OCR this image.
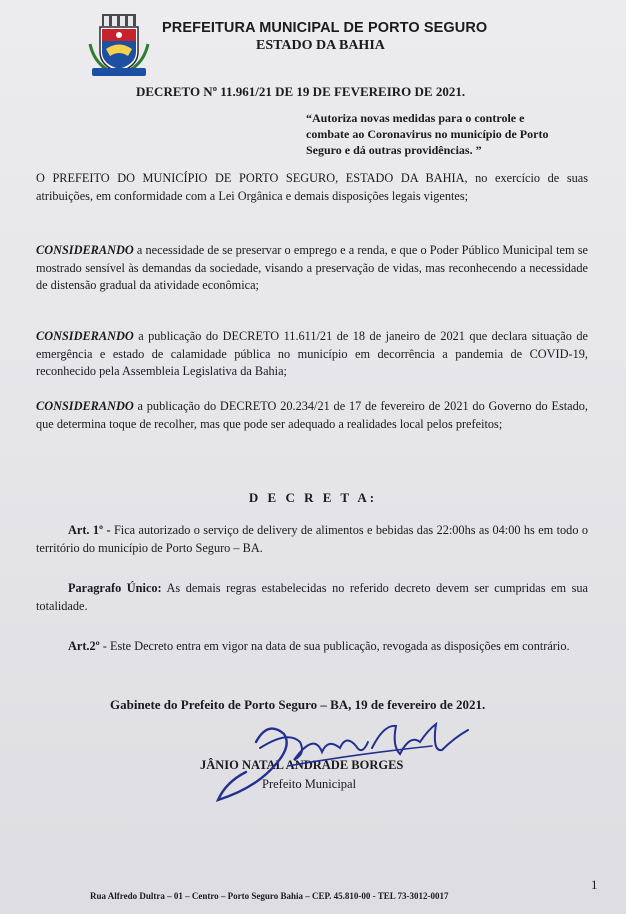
PREFEITURA MUNICIPAL DE PORTO SEGURO
ESTADO DA BAHIA
DECRETO Nº 11.961/21 DE 19 DE FEVEREIRO DE 2021.
“Autoriza novas medidas para o controle e combate ao Coronavirus no município de Porto Seguro e dá outras providências. ”
O PREFEITO DO MUNICÍPIO DE PORTO SEGURO, ESTADO DA BAHIA, no exercício de suas atribuições, em conformidade com a Lei Orgânica e demais disposições legais vigentes;
CONSIDERANDO a necessidade de se preservar o emprego e a renda, e que o Poder Público Municipal tem se mostrado sensível às demandas da sociedade, visando a preservação de vidas, mas reconhecendo a necessidade de distensão gradual da atividade econômica;
CONSIDERANDO a publicação do DECRETO 11.611/21 de 18 de janeiro de 2021 que declara situação de emergência e estado de calamidade pública no município em decorrência a pandemia de COVID-19, reconhecido pela Assembleia Legislativa da Bahia;
CONSIDERANDO a publicação do DECRETO 20.234/21 de 17 de fevereiro de 2021 do Governo do Estado, que determina toque de recolher, mas que pode ser adequado a realidades local pelos prefeitos;
D E C R E T A:
Art. 1º - Fica autorizado o serviço de delivery de alimentos e bebidas das 22:00hs as 04:00 hs em todo o território do município de Porto Seguro – BA.
Paragrafo Único: As demais regras estabelecidas no referido decreto devem ser cumpridas em sua totalidade.
Art.2º - Este Decreto entra em vigor na data de sua publicação, revogada as disposições em contrário.
Gabinete do Prefeito de Porto Seguro – BA, 19 de fevereiro de 2021.
JÂNIO NATAL ANDRADE BORGES
Prefeito Municipal
Rua Alfredo Dultra – 01 – Centro – Porto Seguro Bahia – CEP. 45.810-00 - TEL 73-3012-0017
1
